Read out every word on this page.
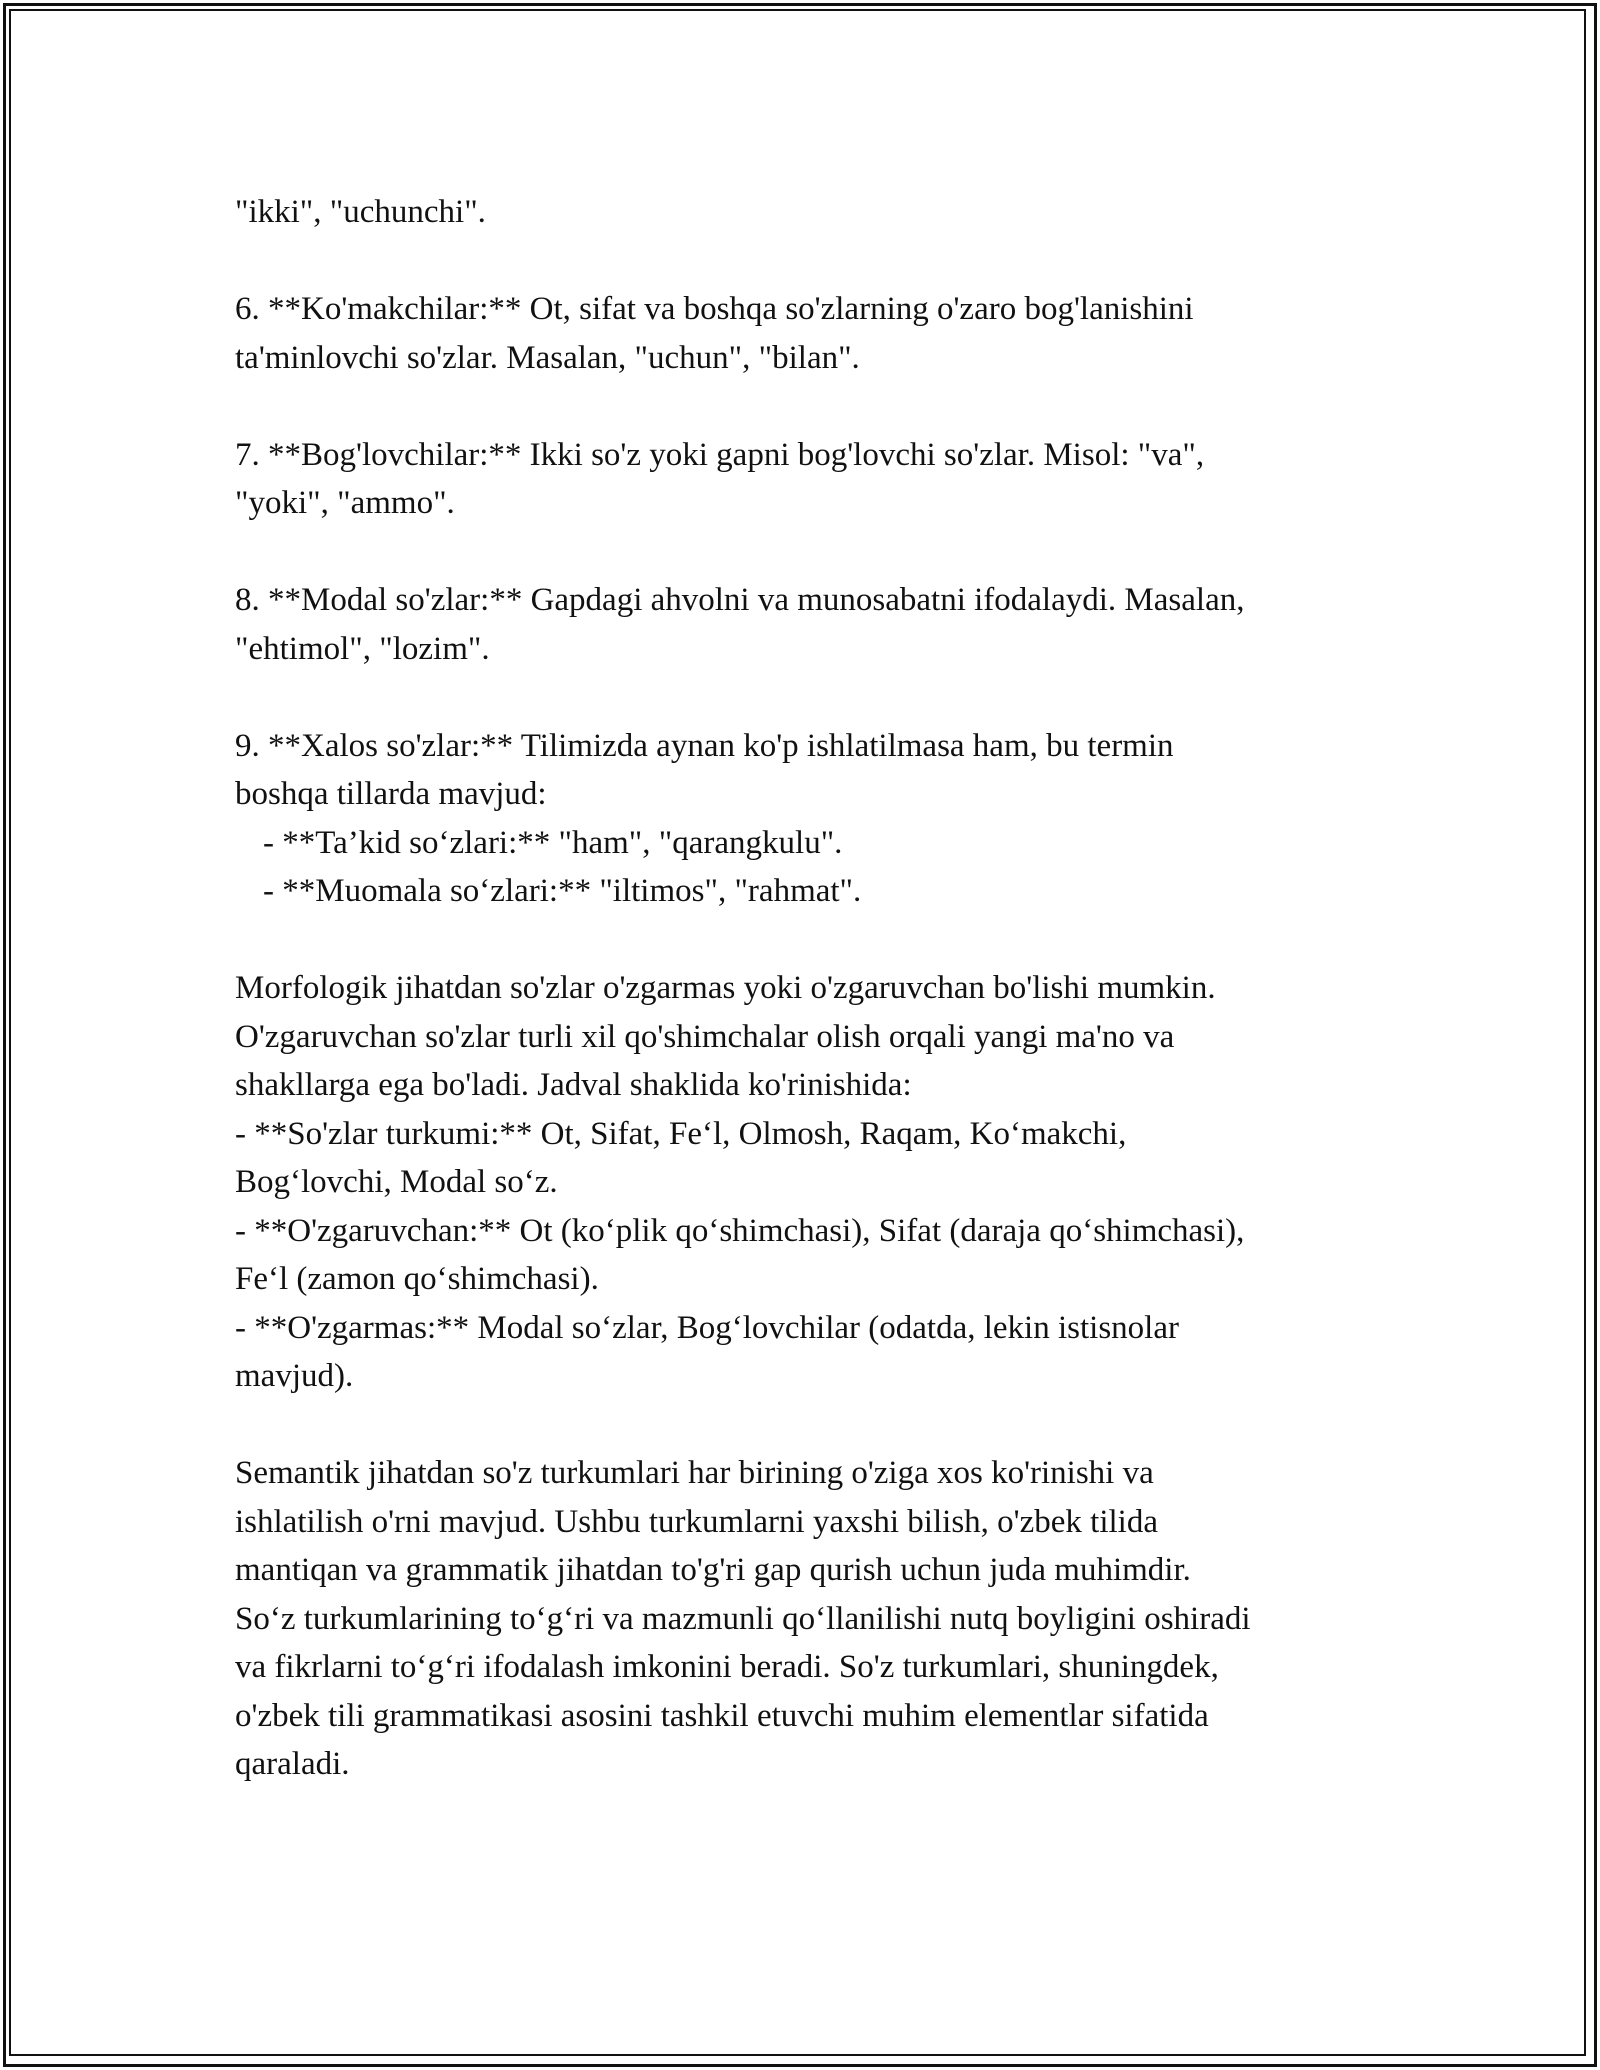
"ikki", "uchunchi".
6. **Ko'makchilar:** Ot, sifat va boshqa so'zlarning o'zaro bog'lanishini
ta'minlovchi so'zlar. Masalan, "uchun", "bilan".
7. **Bog'lovchilar:** Ikki so'z yoki gapni bog'lovchi so'zlar. Misol: "va",
"yoki", "ammo".
8. **Modal so'zlar:** Gapdagi ahvolni va munosabatni ifodalaydi. Masalan,
"ehtimol", "lozim".
9. **Xalos so'zlar:** Tilimizda aynan ko'p ishlatilmasa ham, bu termin
boshqa tillarda mavjud:
- **Ta’kid so‘zlari:** "ham", "qarangkulu".
- **Muomala so‘zlari:** "iltimos", "rahmat".
Morfologik jihatdan so'zlar o'zgarmas yoki o'zgaruvchan bo'lishi mumkin.
O'zgaruvchan so'zlar turli xil qo'shimchalar olish orqali yangi ma'no va
shakllarga ega bo'ladi. Jadval shaklida ko'rinishida:
- **So'zlar turkumi:** Ot, Sifat, Fe‘l, Olmosh, Raqam, Ko‘makchi,
Bog‘lovchi, Modal so‘z.
- **O'zgaruvchan:** Ot (ko‘plik qo‘shimchasi), Sifat (daraja qo‘shimchasi),
Fe‘l (zamon qo‘shimchasi).
- **O'zgarmas:** Modal so‘zlar, Bog‘lovchilar (odatda, lekin istisnolar
mavjud).
Semantik jihatdan so'z turkumlari har birining o'ziga xos ko'rinishi va
ishlatilish o'rni mavjud. Ushbu turkumlarni yaxshi bilish, o'zbek tilida
mantiqan va grammatik jihatdan to'g'ri gap qurish uchun juda muhimdir.
So‘z turkumlarining to‘g‘ri va mazmunli qo‘llanilishi nutq boyligini oshiradi
va fikrlarni to‘g‘ri ifodalash imkonini beradi. So'z turkumlari, shuningdek,
o'zbek tili grammatikasi asosini tashkil etuvchi muhim elementlar sifatida
qaraladi.
